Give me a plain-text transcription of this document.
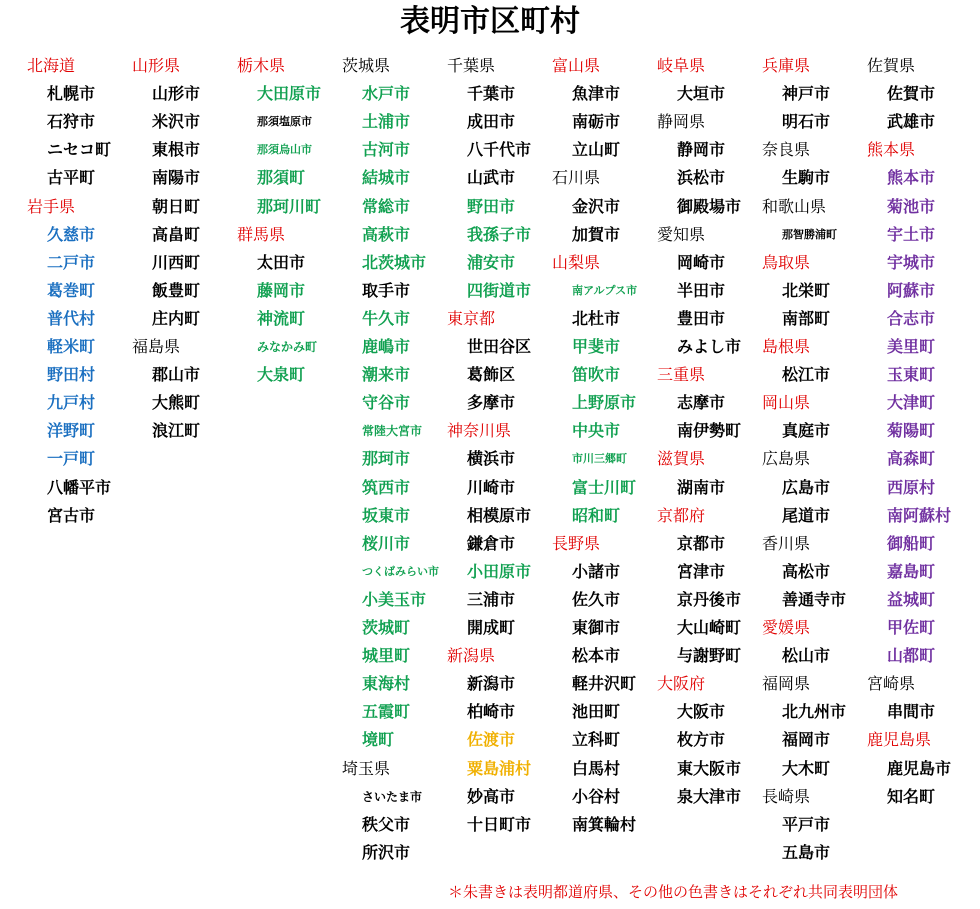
表明市区町村
北海道
札幌市
石狩市
ニセコ町
古平町
岩手県
久慈市
二戸市
葛巻町
普代村
軽米町
野田村
九戸村
洋野町
一戸町
八幡平市
宮古市
山形県
山形市
米沢市
東根市
南陽市
朝日町
高畠町
川西町
飯豊町
庄内町
福島県
郡山市
大熊町
浪江町
栃木県
大田原市
那須塩原市
那須烏山市
那須町
那珂川町
群馬県
太田市
藤岡市
神流町
みなかみ町
大泉町
茨城県
水戸市
土浦市
古河市
結城市
常総市
高萩市
北茨城市
取手市
牛久市
鹿嶋市
潮来市
守谷市
常陸大宮市
那珂市
筑西市
坂東市
桜川市
つくばみらい市
小美玉市
茨城町
城里町
東海村
五霞町
境町
埼玉県
さいたま市
秩父市
所沢市
千葉県
千葉市
成田市
八千代市
山武市
野田市
我孫子市
浦安市
四街道市
東京都
世田谷区
葛飾区
多摩市
神奈川県
横浜市
川崎市
相模原市
鎌倉市
小田原市
三浦市
開成町
新潟県
新潟市
柏崎市
佐渡市
粟島浦村
妙高市
十日町市
富山県
魚津市
南砺市
立山町
石川県
金沢市
加賀市
山梨県
南アルプス市
北杜市
甲斐市
笛吹市
上野原市
中央市
市川三郷町
富士川町
昭和町
長野県
小諸市
佐久市
東御市
松本市
軽井沢町
池田町
立科町
白馬村
小谷村
南箕輪村
岐阜県
大垣市
静岡県
静岡市
浜松市
御殿場市
愛知県
岡崎市
半田市
豊田市
みよし市
三重県
志摩市
南伊勢町
滋賀県
湖南市
京都府
京都市
宮津市
京丹後市
大山崎町
与謝野町
大阪府
大阪市
枚方市
東大阪市
泉大津市
兵庫県
神戸市
明石市
奈良県
生駒市
和歌山県
那智勝浦町
鳥取県
北栄町
南部町
島根県
松江市
岡山県
真庭市
広島県
広島市
尾道市
香川県
高松市
善通寺市
愛媛県
松山市
福岡県
北九州市
福岡市
大木町
長崎県
平戸市
五島市
佐賀県
佐賀市
武雄市
熊本県
熊本市
菊池市
宇土市
宇城市
阿蘇市
合志市
美里町
玉東町
大津町
菊陽町
高森町
西原村
南阿蘇村
御船町
嘉島町
益城町
甲佐町
山都町
宮崎県
串間市
鹿児島県
鹿児島市
知名町
＊朱書きは表明都道府県、その他の色書きはそれぞれ共同表明団体
